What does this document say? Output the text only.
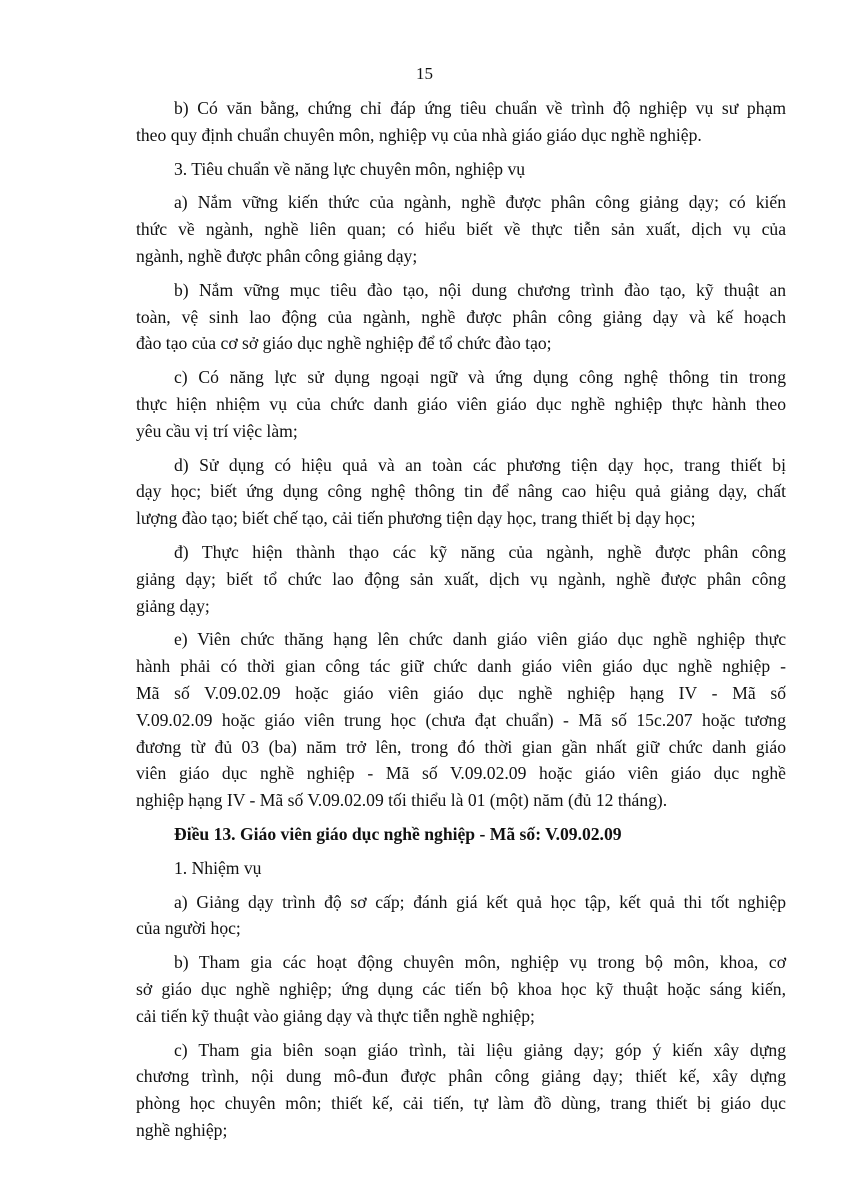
15
b) Có văn bằng, chứng chỉ đáp ứng tiêu chuẩn về trình độ nghiệp vụ sư phạm
theo quy định chuẩn chuyên môn, nghiệp vụ của nhà giáo giáo dục nghề nghiệp.
3. Tiêu chuẩn về năng lực chuyên môn, nghiệp vụ
a) Nắm vững kiến thức của ngành, nghề được phân công giảng dạy; có kiến
thức về ngành, nghề liên quan; có hiểu biết về thực tiễn sản xuất, dịch vụ của
ngành, nghề được phân công giảng dạy;
b) Nắm vững mục tiêu đào tạo, nội dung chương trình đào tạo, kỹ thuật an
toàn, vệ sinh lao động của ngành, nghề được phân công giảng dạy và kế hoạch
đào tạo của cơ sở giáo dục nghề nghiệp để tổ chức đào tạo;
c) Có năng lực sử dụng ngoại ngữ và ứng dụng công nghệ thông tin trong
thực hiện nhiệm vụ của chức danh giáo viên giáo dục nghề nghiệp thực hành theo
yêu cầu vị trí việc làm;
d) Sử dụng có hiệu quả và an toàn các phương tiện dạy học, trang thiết bị
dạy học; biết ứng dụng công nghệ thông tin để nâng cao hiệu quả giảng dạy, chất
lượng đào tạo; biết chế tạo, cải tiến phương tiện dạy học, trang thiết bị dạy học;
đ) Thực hiện thành thạo các kỹ năng của ngành, nghề được phân công
giảng dạy; biết tổ chức lao động sản xuất, dịch vụ ngành, nghề được phân công
giảng dạy;
e) Viên chức thăng hạng lên chức danh giáo viên giáo dục nghề nghiệp thực
hành phải có thời gian công tác giữ chức danh giáo viên giáo dục nghề nghiệp -
Mã số V.09.02.09 hoặc giáo viên giáo dục nghề nghiệp hạng IV - Mã số
V.09.02.09 hoặc giáo viên trung học (chưa đạt chuẩn) - Mã số 15c.207 hoặc tương
đương từ đủ 03 (ba) năm trở lên, trong đó thời gian gần nhất giữ chức danh giáo
viên giáo dục nghề nghiệp - Mã số V.09.02.09 hoặc giáo viên giáo dục nghề
nghiệp hạng IV - Mã số V.09.02.09 tối thiểu là 01 (một) năm (đủ 12 tháng).
Điều 13. Giáo viên giáo dục nghề nghiệp - Mã số: V.09.02.09
1. Nhiệm vụ
a) Giảng dạy trình độ sơ cấp; đánh giá kết quả học tập, kết quả thi tốt nghiệp
của người học;
b) Tham gia các hoạt động chuyên môn, nghiệp vụ trong bộ môn, khoa, cơ
sở giáo dục nghề nghiệp; ứng dụng các tiến bộ khoa học kỹ thuật hoặc sáng kiến,
cải tiến kỹ thuật vào giảng dạy và thực tiễn nghề nghiệp;
c) Tham gia biên soạn giáo trình, tài liệu giảng dạy; góp ý kiến xây dựng
chương trình, nội dung mô-đun được phân công giảng dạy; thiết kế, xây dựng
phòng học chuyên môn; thiết kế, cải tiến, tự làm đồ dùng, trang thiết bị giáo dục
nghề nghiệp;
